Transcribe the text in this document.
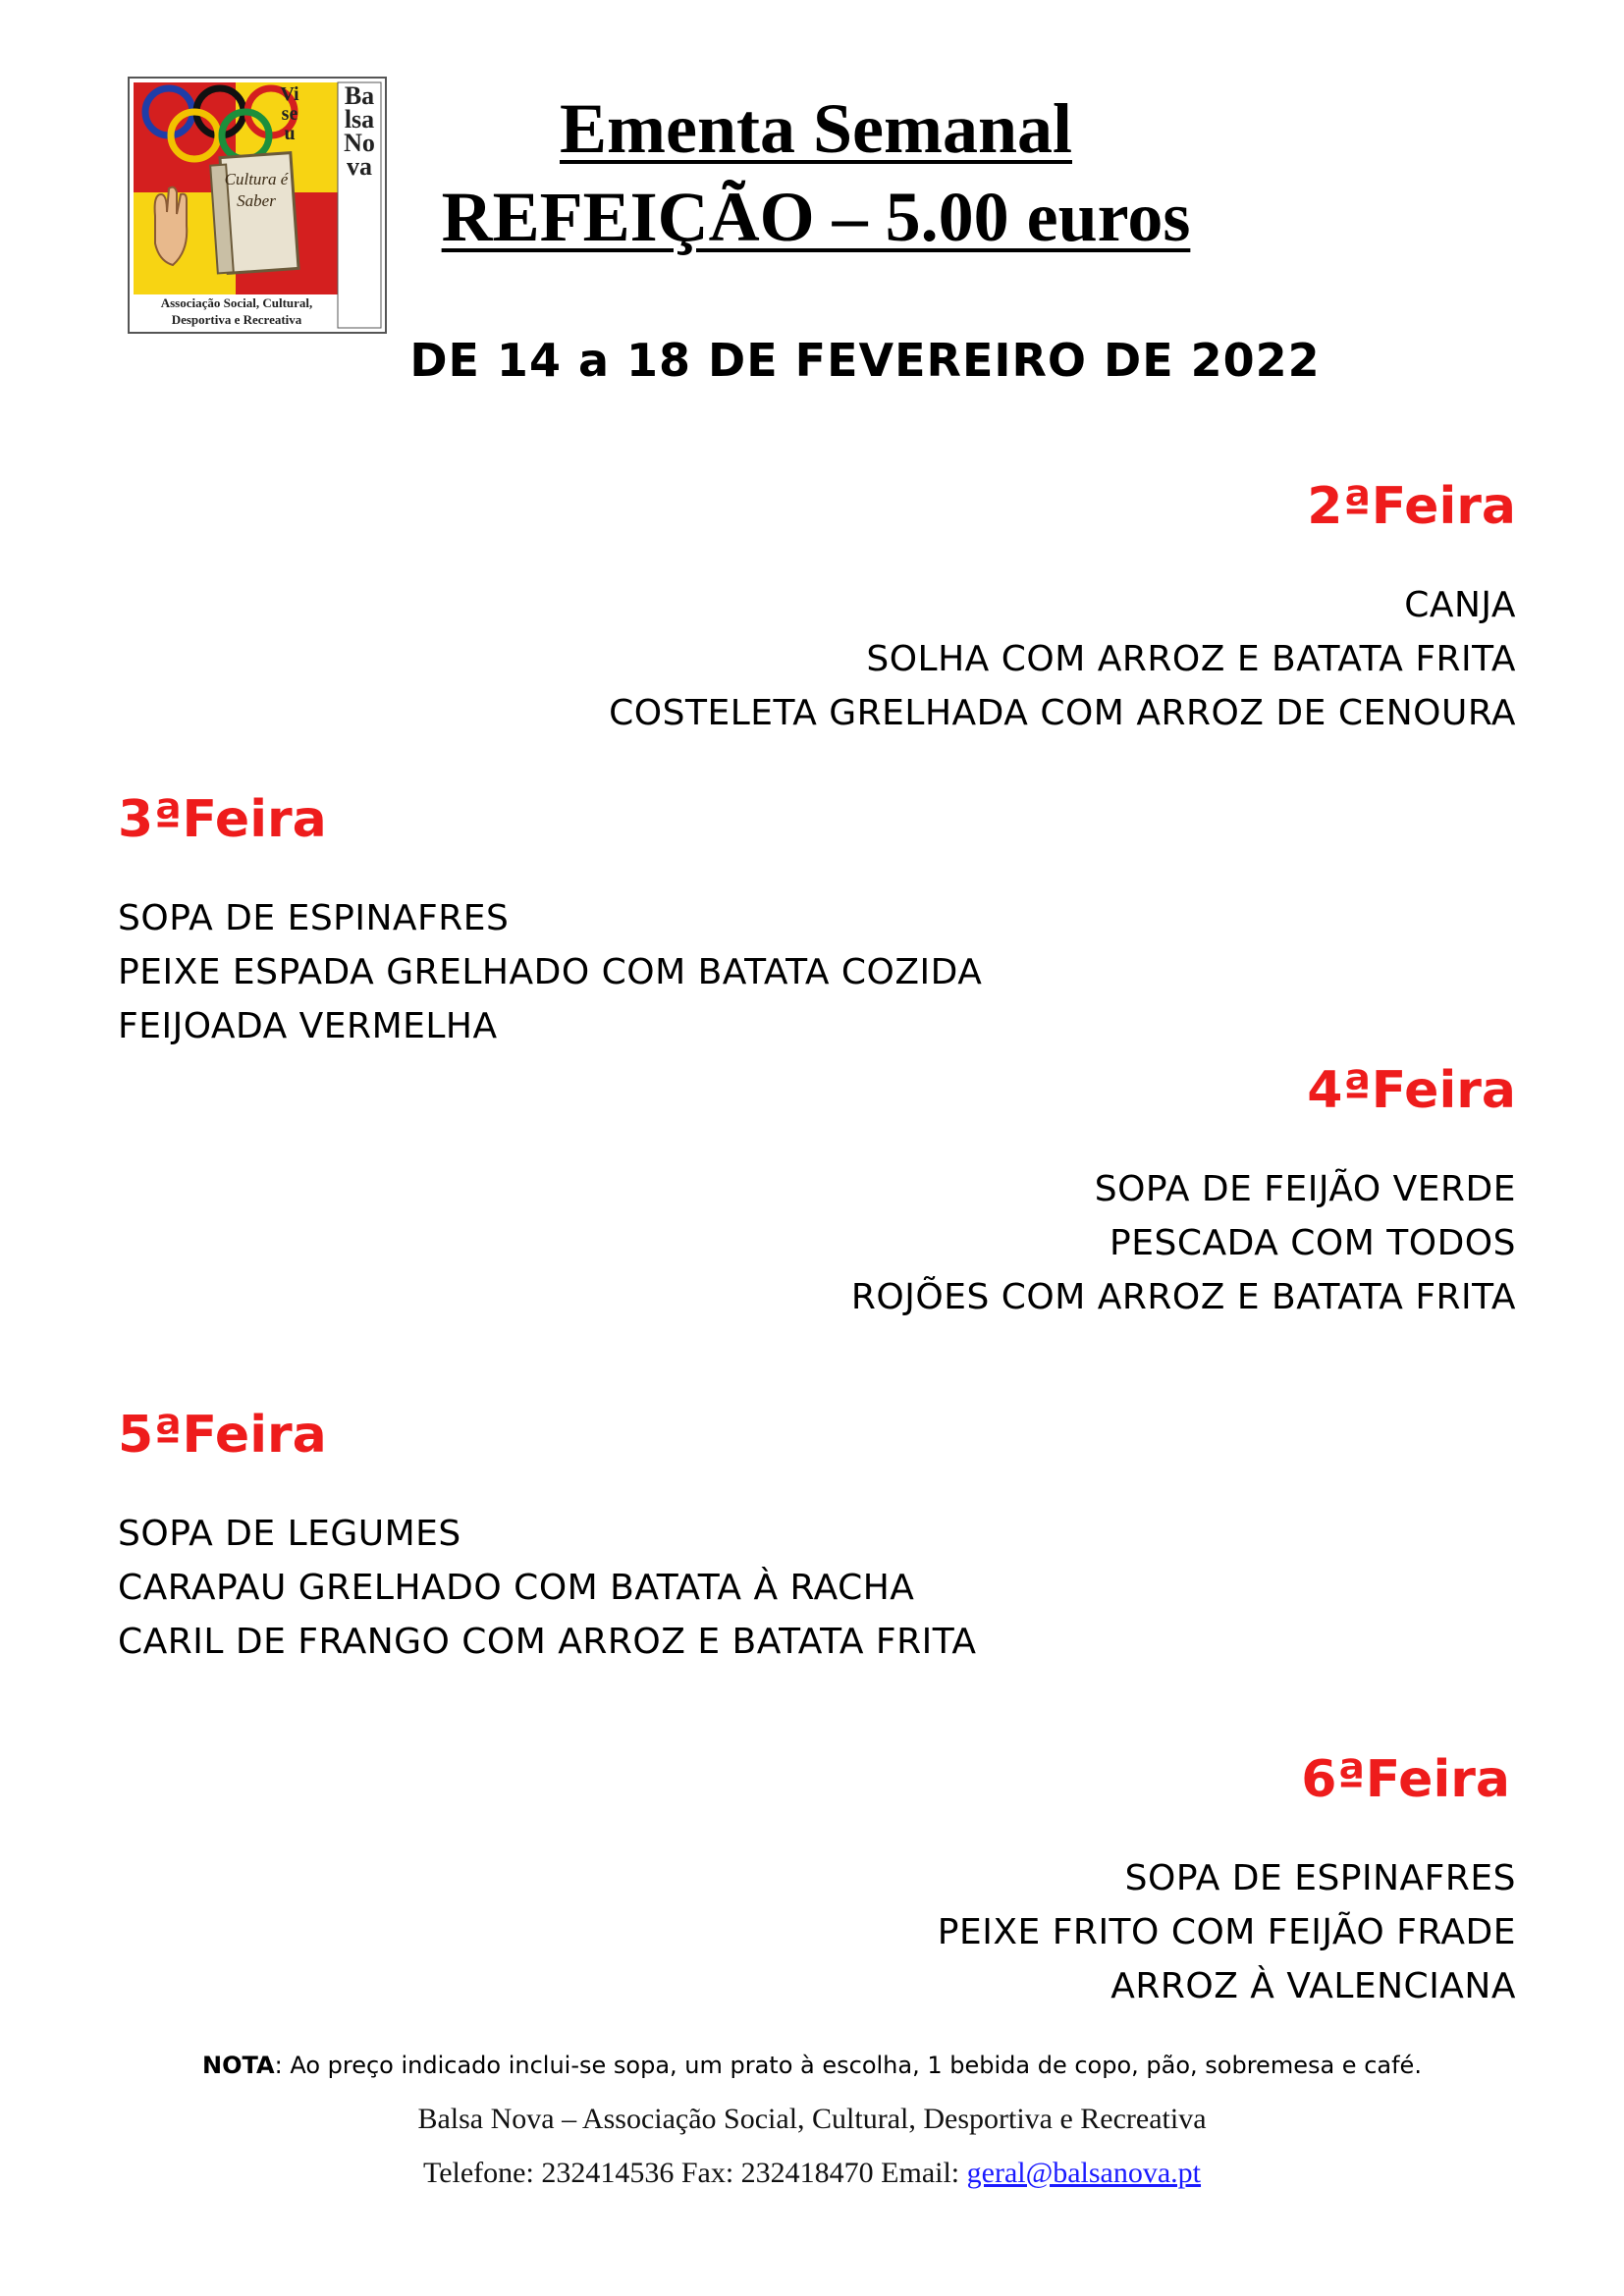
Cultura é Saber
Viseu
Balsa Nova
Associação Social, Cultural, Desportiva e Recreativa
Ementa Semanal
REFEIÇÃO – 5.00 euros
DE 14 a 18 DE FEVEREIRO DE 2022
2ªFeira
CANJA
SOLHA COM ARROZ E BATATA FRITA
COSTELETA GRELHADA COM ARROZ DE CENOURA
3ªFeira
SOPA DE ESPINAFRES
PEIXE ESPADA GRELHADO COM BATATA COZIDA
FEIJOADA VERMELHA
4ªFeira
SOPA DE FEIJÃO VERDE
PESCADA COM TODOS
ROJÕES COM ARROZ E BATATA FRITA
5ªFeira
SOPA DE LEGUMES
CARAPAU GRELHADO COM BATATA À RACHA
CARIL DE FRANGO COM ARROZ E BATATA FRITA
6ªFeira
SOPA DE ESPINAFRES
PEIXE FRITO COM FEIJÃO FRADE
ARROZ À VALENCIANA
NOTA: Ao preço indicado inclui-se sopa, um prato à escolha, 1 bebida de copo, pão, sobremesa e café.
Balsa Nova – Associação Social, Cultural, Desportiva e Recreativa
Telefone: 232414536 Fax: 232418470 Email: geral@balsanova.pt
